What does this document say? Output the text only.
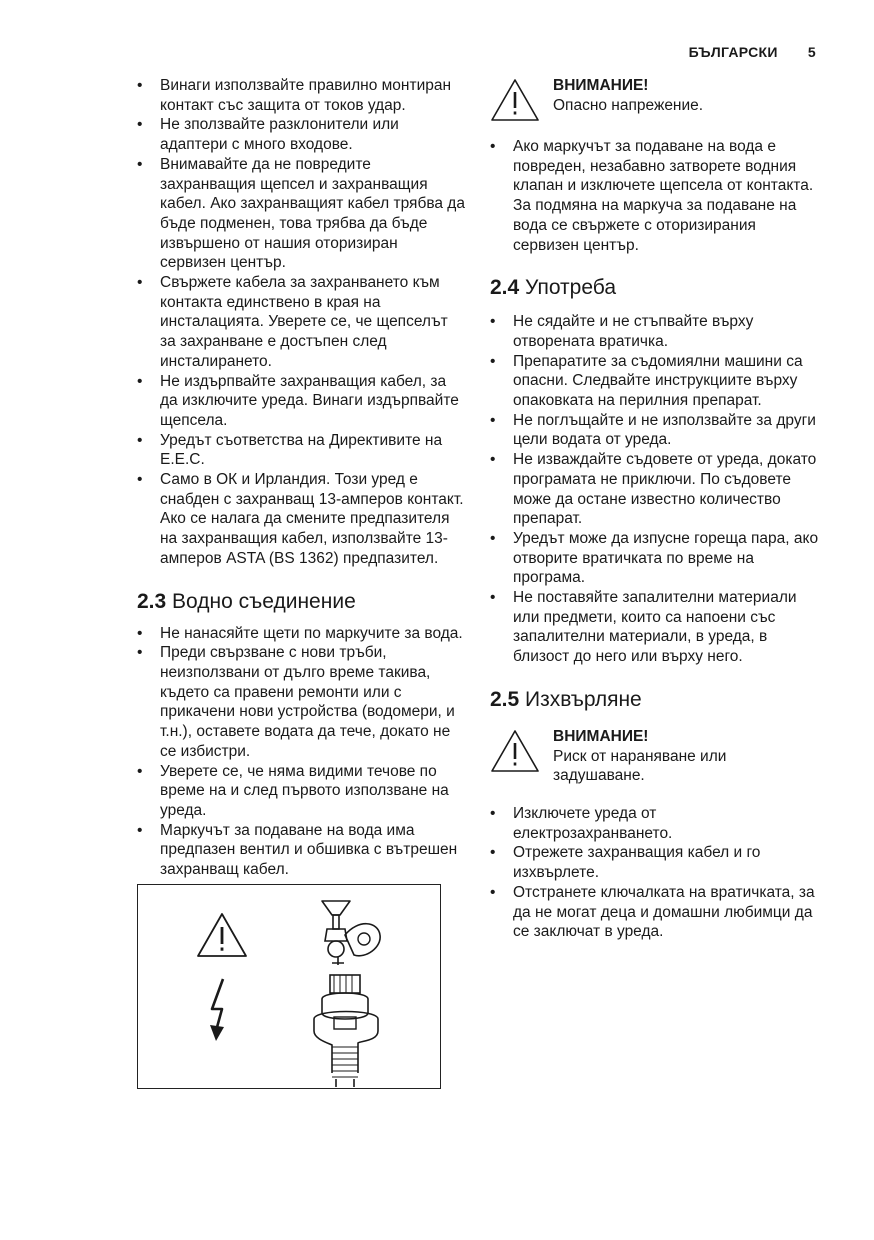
БЪЛГАРСКИ 5
• Винаги използвайте правилно монтиран контакт със защита от токов удар.
• Не зползвайте разклонители или адаптери с много входове.
• Внимавайте да не повредите захранващия щепсел и захранващия кабел. Ако захранващият кабел трябва да бъде подменен, това трябва да бъде извършено от нашия оторизиран сервизен център.
• Свържете кабела за захранването към контакта единствено в края на инсталацията. Уверете се, че щепселът за захранване е достъпен след инсталирането.
• Не издърпвайте захранващия кабел, за да изключите уреда. Винаги издърпвайте щепсела.
• Уредът съответства на Директивите на E.E.C.
• Само в ОК и Ирландия. Този уред е снабден с захранващ 13-амперов контакт. Ако се налага да смените предпазителя на захранващия кабел, използвайте 13-амперов ASTA (BS 1362) предпазител.
2.3 Водно съединение
• Не нанасяйте щети по маркучите за вода.
• Преди свързване с нови тръби, неизползвани от дълго време такива, където са правени ремонти или с прикачени нови устройства (водомери, и т.н.), оставете водата да тече, докато не се избистри.
• Уверете се, че няма видими течове по време на и след първото използване на уреда.
• Маркучът за подаване на вода има предпазен вентил и обшивка с вътрешен захранващ кабел.
ВНИМАНИЕ!
Опасно напрежение.
• Ако маркучът за подаване на вода е повреден, незабавно затворете водния клапан и изключете щепсела от контакта. За подмяна на маркуча за подаване на вода се свържете с оторизирания сервизен център.
2.4 Употреба
• Не сядайте и не стъпвайте върху отворената вратичка.
• Препаратите за съдомиялни машини са опасни. Следвайте инструкциите върху опаковката на перилния препарат.
• Не поглъщайте и не използвайте за други цели водата от уреда.
• Не изваждайте съдовете от уреда, докато програмата не приключи. По съдовете може да остане известно количество препарат.
• Уредът може да изпусне гореща пара, ако отворите вратичката по време на програма.
• Не поставяйте запалителни материали или предмети, които са напоени със запалителни материали, в уреда, в близост до него или върху него.
2.5 Изхвърляне
ВНИМАНИЕ!
Риск от нараняване или задушаване.
• Изключете уреда от електрозахранването.
• Отрежете захранващия кабел и го изхвърлете.
• Отстранете ключалката на вратичката, за да не могат деца и домашни любимци да се заключат в уреда.
